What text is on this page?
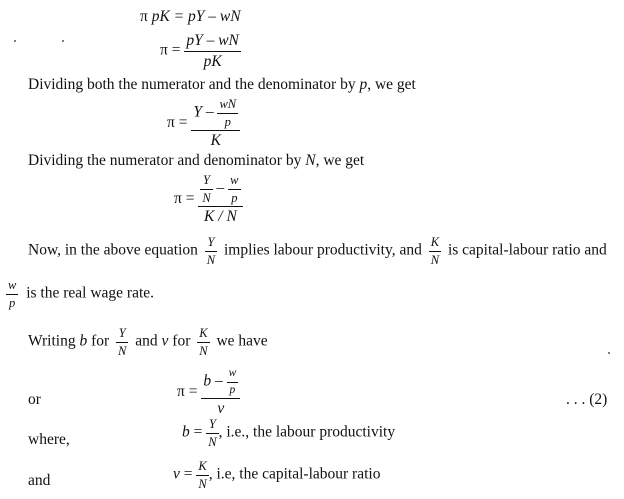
π pK = pY – wN
$\pi = \frac{pY - wN}{pK}$
Dividing both the numerator and the denominator by p, we get
$\pi = \frac{Y - \frac{wN}{p}}{K}$
Dividing the numerator and denominator by N, we get
$\pi = \frac{\frac{Y}{N} - \frac{w}{p}}{K / N}$
Now, in the above equation $\frac{Y}{N}$ implies labour productivity, and $\frac{K}{N}$ is capital-labour ratio and
$\frac{w}{p}$ is the real wage rate.
Writing b for $\frac{Y}{N}$ and v for $\frac{K}{N}$ we have
or	$\pi = \frac{b - \frac{w}{p}}{v}$	. . . (2)
where,	$b = \frac{Y}{N}$ , i.e., the labour productivity
and	$v = \frac{K}{N}$ , i.e, the capital-labour ratio
